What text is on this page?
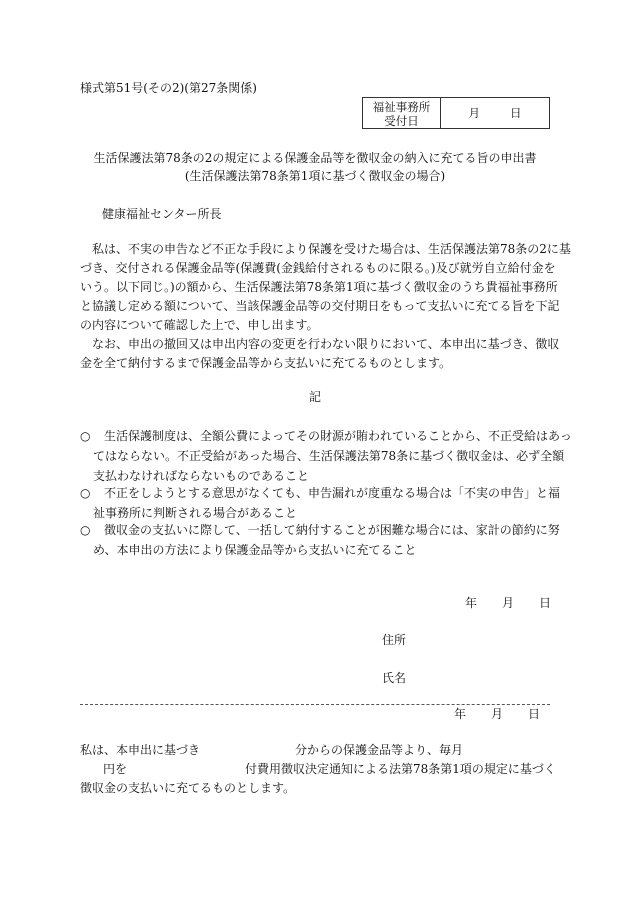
様式第51号(その2)(第27条関係)
福祉事務所
受付日
月	日
生活保護法第78条の2の規定による保護金品等を徴収金の納入に充てる旨の申出書
(生活保護法第78条第1項に基づく徴収金の場合)
健康福祉センター所長
　私は、不実の申告など不正な手段により保護を受けた場合は、生活保護法第78条の2に基
づき、交付される保護金品等(保護費(金銭給付されるものに限る。)及び就労自立給付金を
いう。以下同じ。)の額から、生活保護法第78条第1項に基づく徴収金のうち貴福祉事務所
と協議し定める額について、当該保護金品等の交付期日をもって支払いに充てる旨を下記
の内容について確認した上で、申し出ます。
　なお、申出の撤回又は申出内容の変更を行わない限りにおいて、本申出に基づき、徴収
金を全て納付するまで保護金品等から支払いに充てるものとします。
記
○ 生活保護制度は、全額公費によってその財源が賄われていることから、不正受給はあっ
てはならない。不正受給があった場合、生活保護法第78条に基づく徴収金は、必ず全額
支払わなければならないものであること
○ 不正をしようとする意思がなくても、申告漏れが度重なる場合は「不実の申告」と福
祉事務所に判断される場合があること
○ 徴収金の支払いに際して、一括して納付することが困難な場合には、家計の節約に努
め、本申出の方法により保護金品等から支払いに充てること
年 月 日
住所
氏名
年 月 日
私は、本申出に基づき	分からの保護金品等より、毎月
円を	付費用徴収決定通知による法第78条第1項の規定に基づく
徴収金の支払いに充てるものとします。
